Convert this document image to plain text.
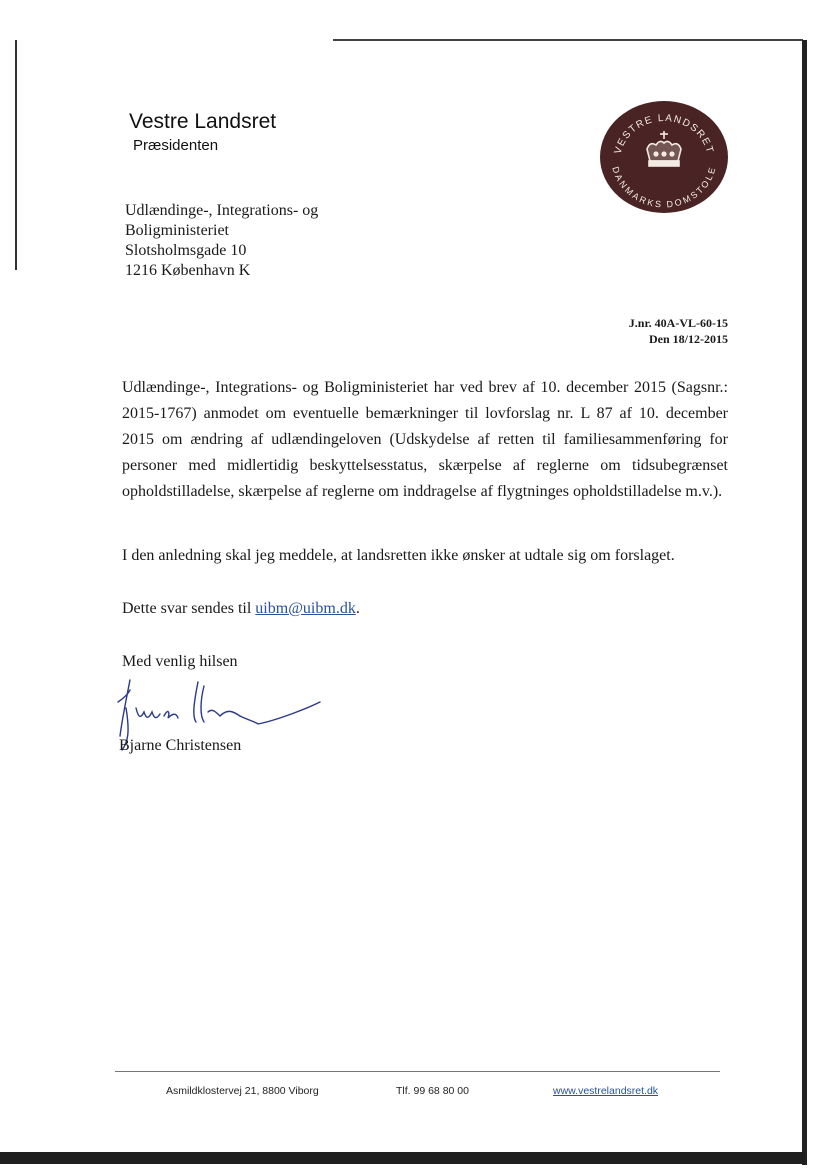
Vestre Landsret
Præsidenten	VESTRE LANDSRET
DANMARKS DOMSTOLE
Udlændinge-, Integrations- og
Boligministeriet
Slotsholmsgade 10
1216 København K
J.nr. 40A-VL-60-15
Den 18/12-2015
Udlændinge-, Integrations- og Boligministeriet har ved brev af 10. december 2015 (Sagsnr.: 2015-1767) anmodet om eventuelle bemærkninger til lovforslag nr. L 87 af 10. december 2015 om ændring af udlændingeloven (Udskydelse af retten til familiesammenføring for personer med midlertidig beskyttelsesstatus, skærpelse af reglerne om tidsubegrænset opholdstilladelse, skærpelse af reglerne om inddragelse af flygtninges opholdstilladelse m.v.).
I den anledning skal jeg meddele, at landsretten ikke ønsker at udtale sig om forslaget.
Dette svar sendes til uibm@uibm.dk.
Med venlig hilsen
Bjarne Christensen
Asmildklostervej 21, 8800 Viborg	Tlf. 99 68 80 00	www.vestrelandsret.dk
